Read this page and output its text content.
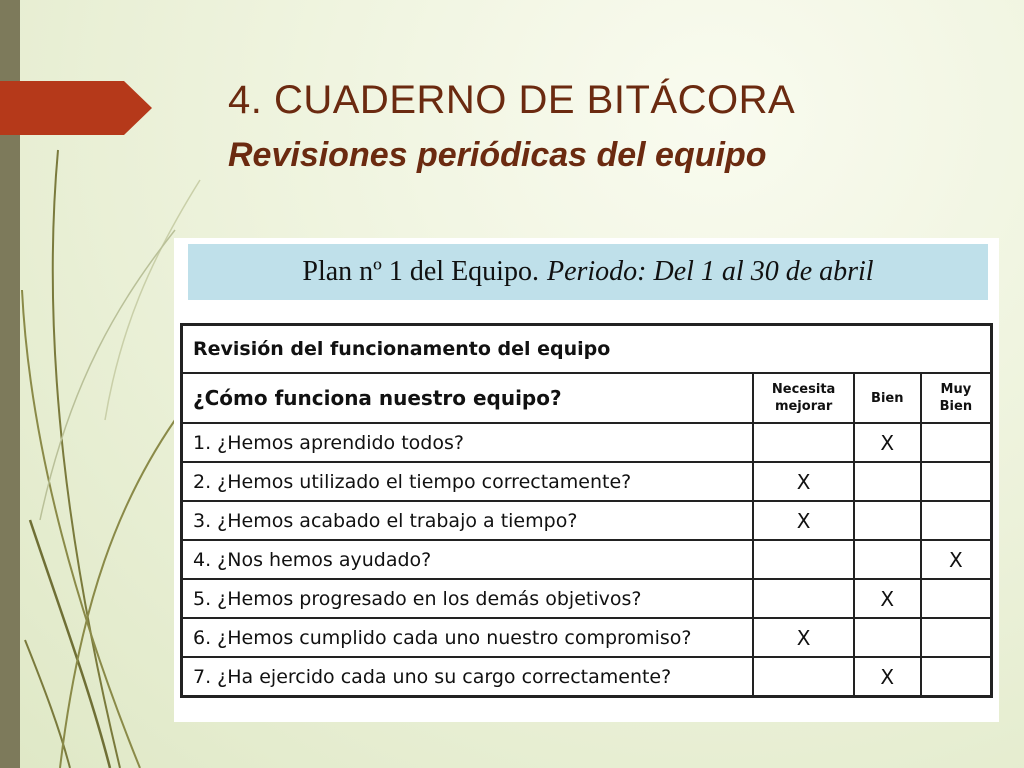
4. CUADERNO DE BITÁCORA
Revisiones periódicas del equipo
Plan nº 1 del Equipo. Periodo: Del 1 al 30 de abril
Revisión del funcionamento del equipo			
¿Cómo funciona nuestro equipo?	Necesita mejorar	Bien	Muy Bien
1. ¿Hemos aprendido todos?		X	
2. ¿Hemos utilizado el tiempo correctamente?	X		
3. ¿Hemos acabado el trabajo a tiempo?	X		
4. ¿Nos hemos ayudado?			X
5. ¿Hemos progresado en los demás objetivos?		X	
6. ¿Hemos cumplido cada uno nuestro compromiso?	X		
7. ¿Ha ejercido cada uno su cargo correctamente?		X	
